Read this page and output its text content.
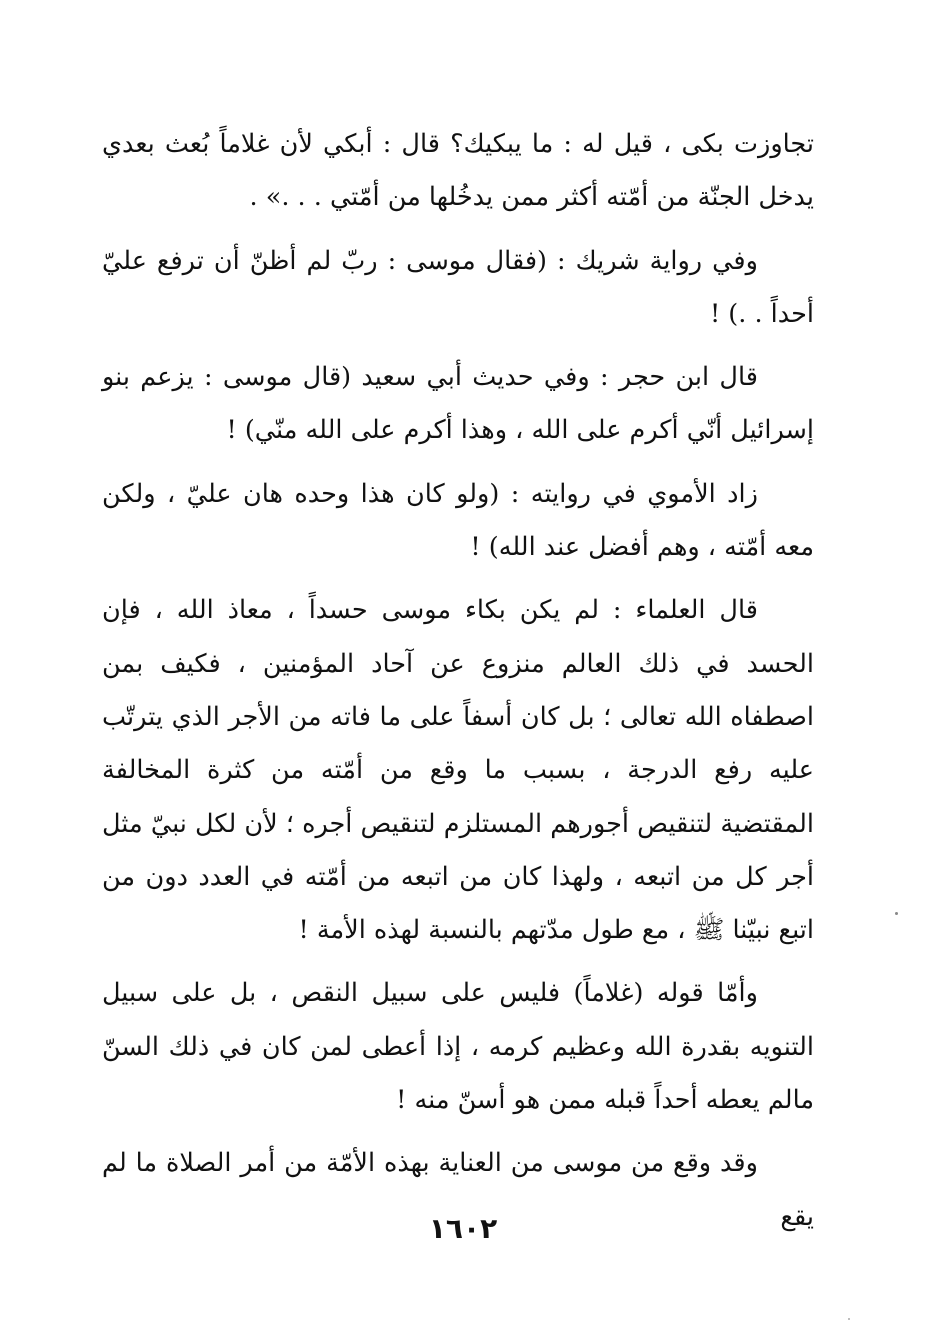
تجاوزت بكى ، قيل له : ما يبكيك؟ قال : أبكي لأن غلاماً بُعث بعدي يدخل الجنّة من أمّته أكثر ممن يدخُلها من أمّتي . . .» .

وفي رواية شريك : (فقال موسى : ربّ لم أظنّ أن ترفع عليّ أحداً . .) !

قال ابن حجر : وفي حديث أبي سعيد (قال موسى : يزعم بنو إسرائيل أنّي أكرم على الله ، وهذا أكرم على الله منّي) !

زاد الأموي في روايته : (ولو كان هذا وحده هان عليّ ، ولكن معه أمّته ، وهم أفضل عند الله) !

قال العلماء : لم يكن بكاء موسى حسداً ، معاذ الله ، فإن الحسد في ذلك العالم منزوع عن آحاد المؤمنين ، فكيف بمن اصطفاه الله تعالى ؛ بل كان أسفاً على ما فاته من الأجر الذي يترتّب عليه رفع الدرجة ، بسبب ما وقع من أمّته من كثرة المخالفة المقتضية لتنقيص أجورهم المستلزم لتنقيص أجره ؛ لأن لكل نبيّ مثل أجر كل من اتبعه ، ولهذا كان من اتبعه من أمّته في العدد دون من اتبع نبيّنا ﷺ ، مع طول مدّتهم بالنسبة لهذه الأمة !

وأمّا قوله (غلاماً) فليس على سبيل النقص ، بل على سبيل التنويه بقدرة الله وعظيم كرمه ، إذا أعطى لمن كان في ذلك السنّ مالم يعطه أحداً قبله ممن هو أسنّ منه !

وقد وقع من موسى من العناية بهذه الأمّة من أمر الصلاة ما لم يقع

١٦٠٢
